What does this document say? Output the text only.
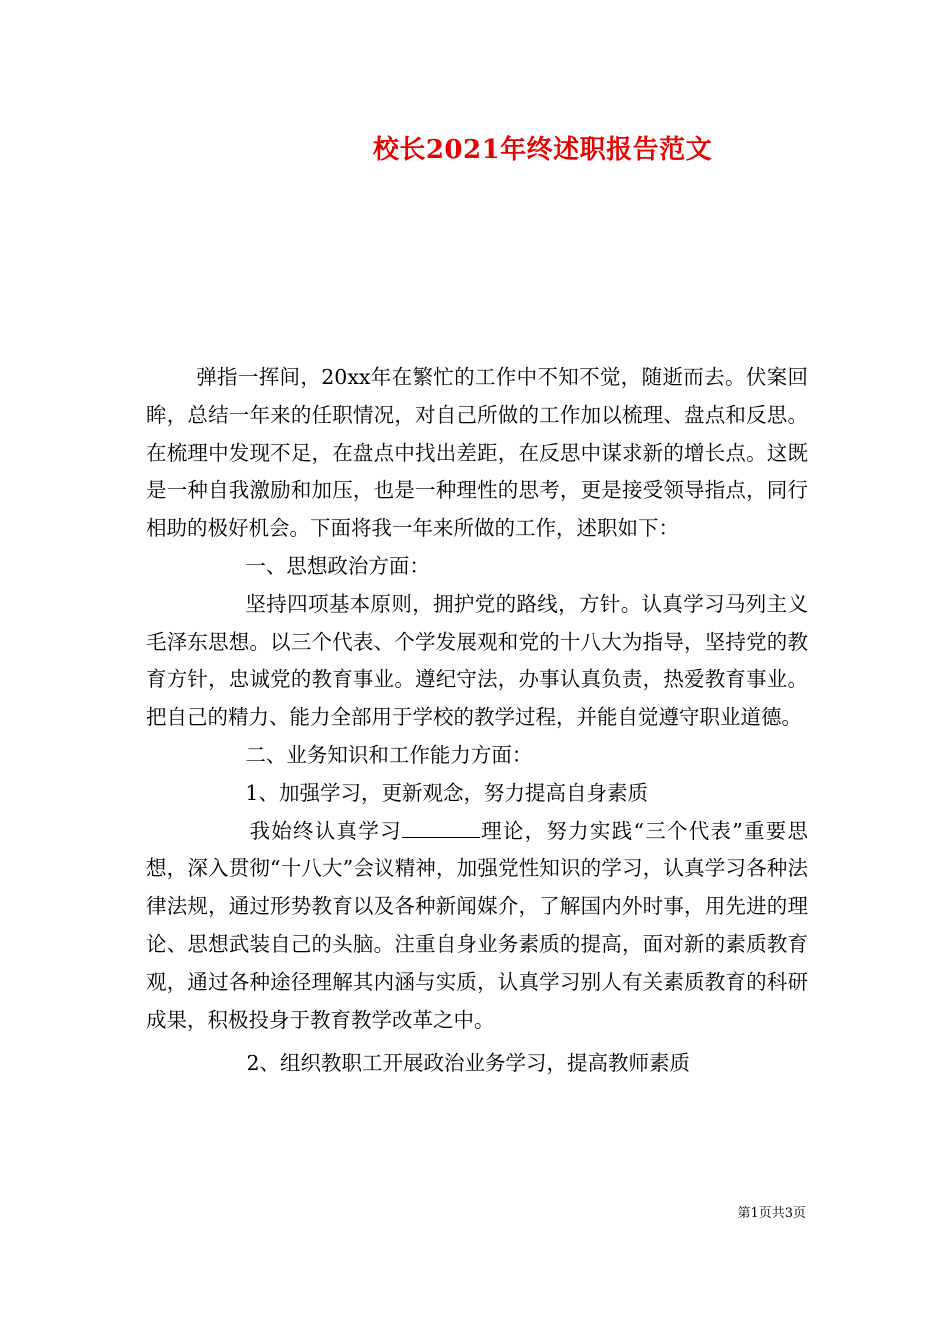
校长2021年终述职报告范文

弹指一挥间，20xx年在繁忙的工作中不知不觉，随逝而去。伏案回眸，总结一年来的任职情况，对自己所做的工作加以梳理、盘点和反思。在梳理中发现不足，在盘点中找出差距，在反思中谋求新的增长点。这既是一种自我激励和加压，也是一种理性的思考，更是接受领导指点，同行相助的极好机会。下面将我一年来所做的工作，述职如下：

一、思想政治方面：

坚持四项基本原则，拥护党的路线，方针。认真学习马列主义毛泽东思想。以三个代表、个学发展观和党的十八大为指导，坚持党的教育方针，忠诚党的教育事业。遵纪守法，办事认真负责，热爱教育事业。把自己的精力、能力全部用于学校的教学过程，并能自觉遵守职业道德。

二、业务知识和工作能力方面：

1、加强学习，更新观念，努力提高自身素质

我始终认真学习	理论，努力实践“三个代表”重要思想，深入贯彻“十八大”会议精神，加强党性知识的学习，认真学习各种法律法规，通过形势教育以及各种新闻媒介，了解国内外时事，用先进的理论、思想武装自己的头脑。注重自身业务素质的提高，面对新的素质教育观，通过各种途径理解其内涵与实质，认真学习别人有关素质教育的科研成果，积极投身于教育教学改革之中。

2、组织教职工开展政治业务学习，提高教师素质

第1页共3页
